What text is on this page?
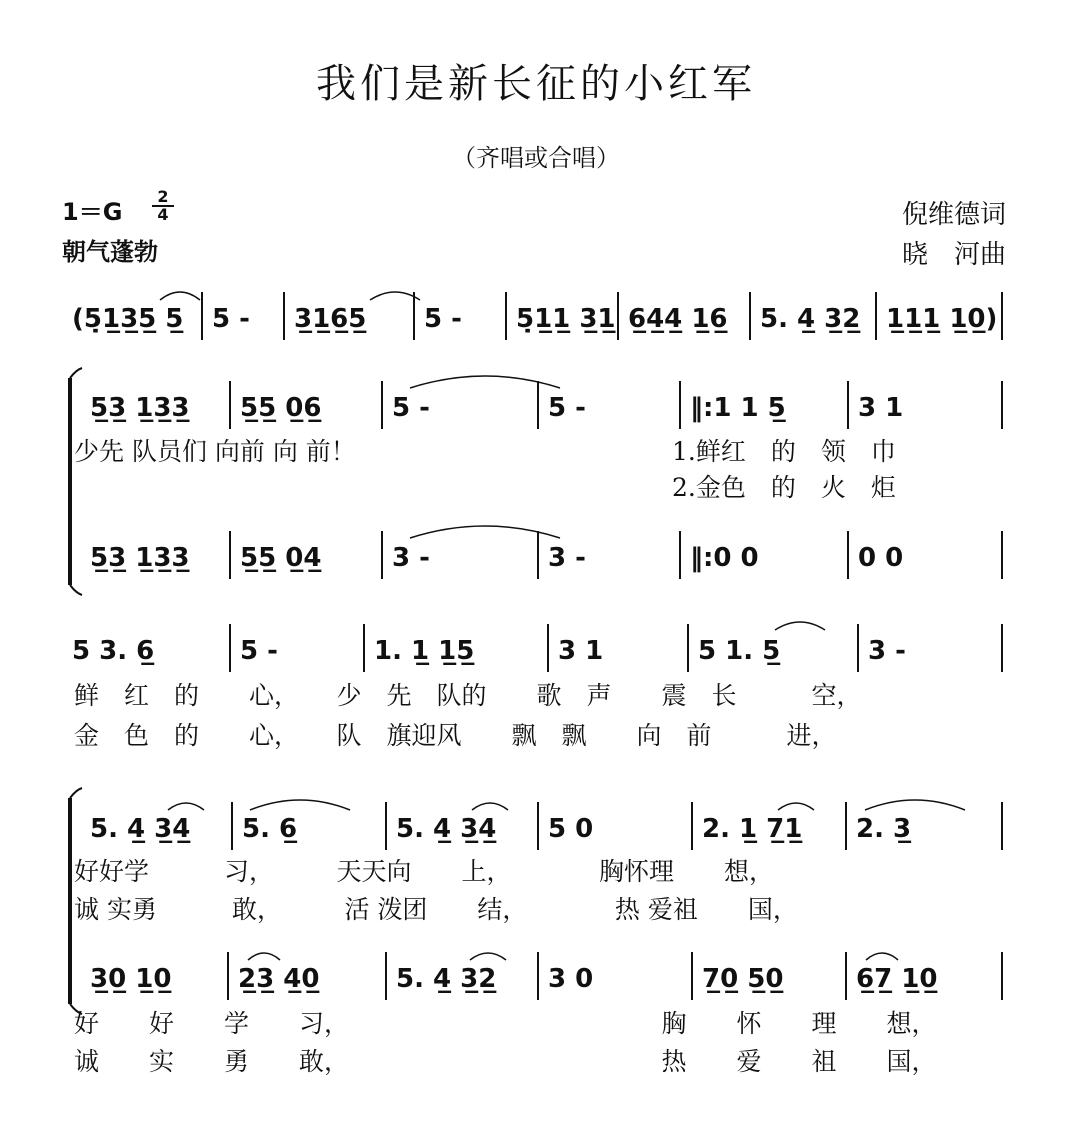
我们是新长征的小红军
（齐唱或合唱）
1＝G
2
4
朝气蓬勃
倪维德词
晓　河曲
(5̣1̲3̲5̲ 5̲ 5 - 3̲1̲6̲5̲ 5 - 5̣1̲1̲ 3̲1̲ 6̲4̲4̲ 1̲6̲ 5. 4̲ 3̲2̲ 1̲1̲1̲ 1̲0̲)
5̲3̲ 1̲3̲3̲ 5̲5̲ 0̲6̲	5 -	5 -	‖:1 1 5̲	3 1
少先 队员们 向前 向 前！	1.鲜红　的　领　巾
2.金色　的　火　炬
5̲3̲ 1̲3̲3̲ 5̲5̲ 0̲4̲	3 -	3 -	‖:0 0	0 0
5 3. 6̲	5 -	1. 1̲ 1̲5̲	3 1	5 1. 5̲	3 -
鲜　红　的　　心，　　少　先　队的　　歌　声　　震　长　　　空，
金　色　的　　心，　　队　旗迎风　　飘　飘　　向　前　　　进，
5. 4̲ 3̲4̲ 5. 6̲	5. 4̲ 3̲4̲ 5 0	2. 1̲ 7̲1̲ 2. 3̲
好好学　　　习，　　　天天向　　上，　　　　胸怀理　　想，
诚 实勇　　　敢，　　　活 泼团　　结，　　　　热 爱祖　　国，
3̲0̲ 1̲0̲	2̲3̲ 4̲0̲	5. 4̲ 3̲2̲ 3 0	7̲0̲ 5̲0̲	6̲7̲ 1̲0̲
好　　好　　学　　习，　　　　　　　　　　　　　胸　　怀　　理　　想，
诚　　实　　勇　　敢，　　　　　　　　　　　　　热　　爱　　祖　　国，
